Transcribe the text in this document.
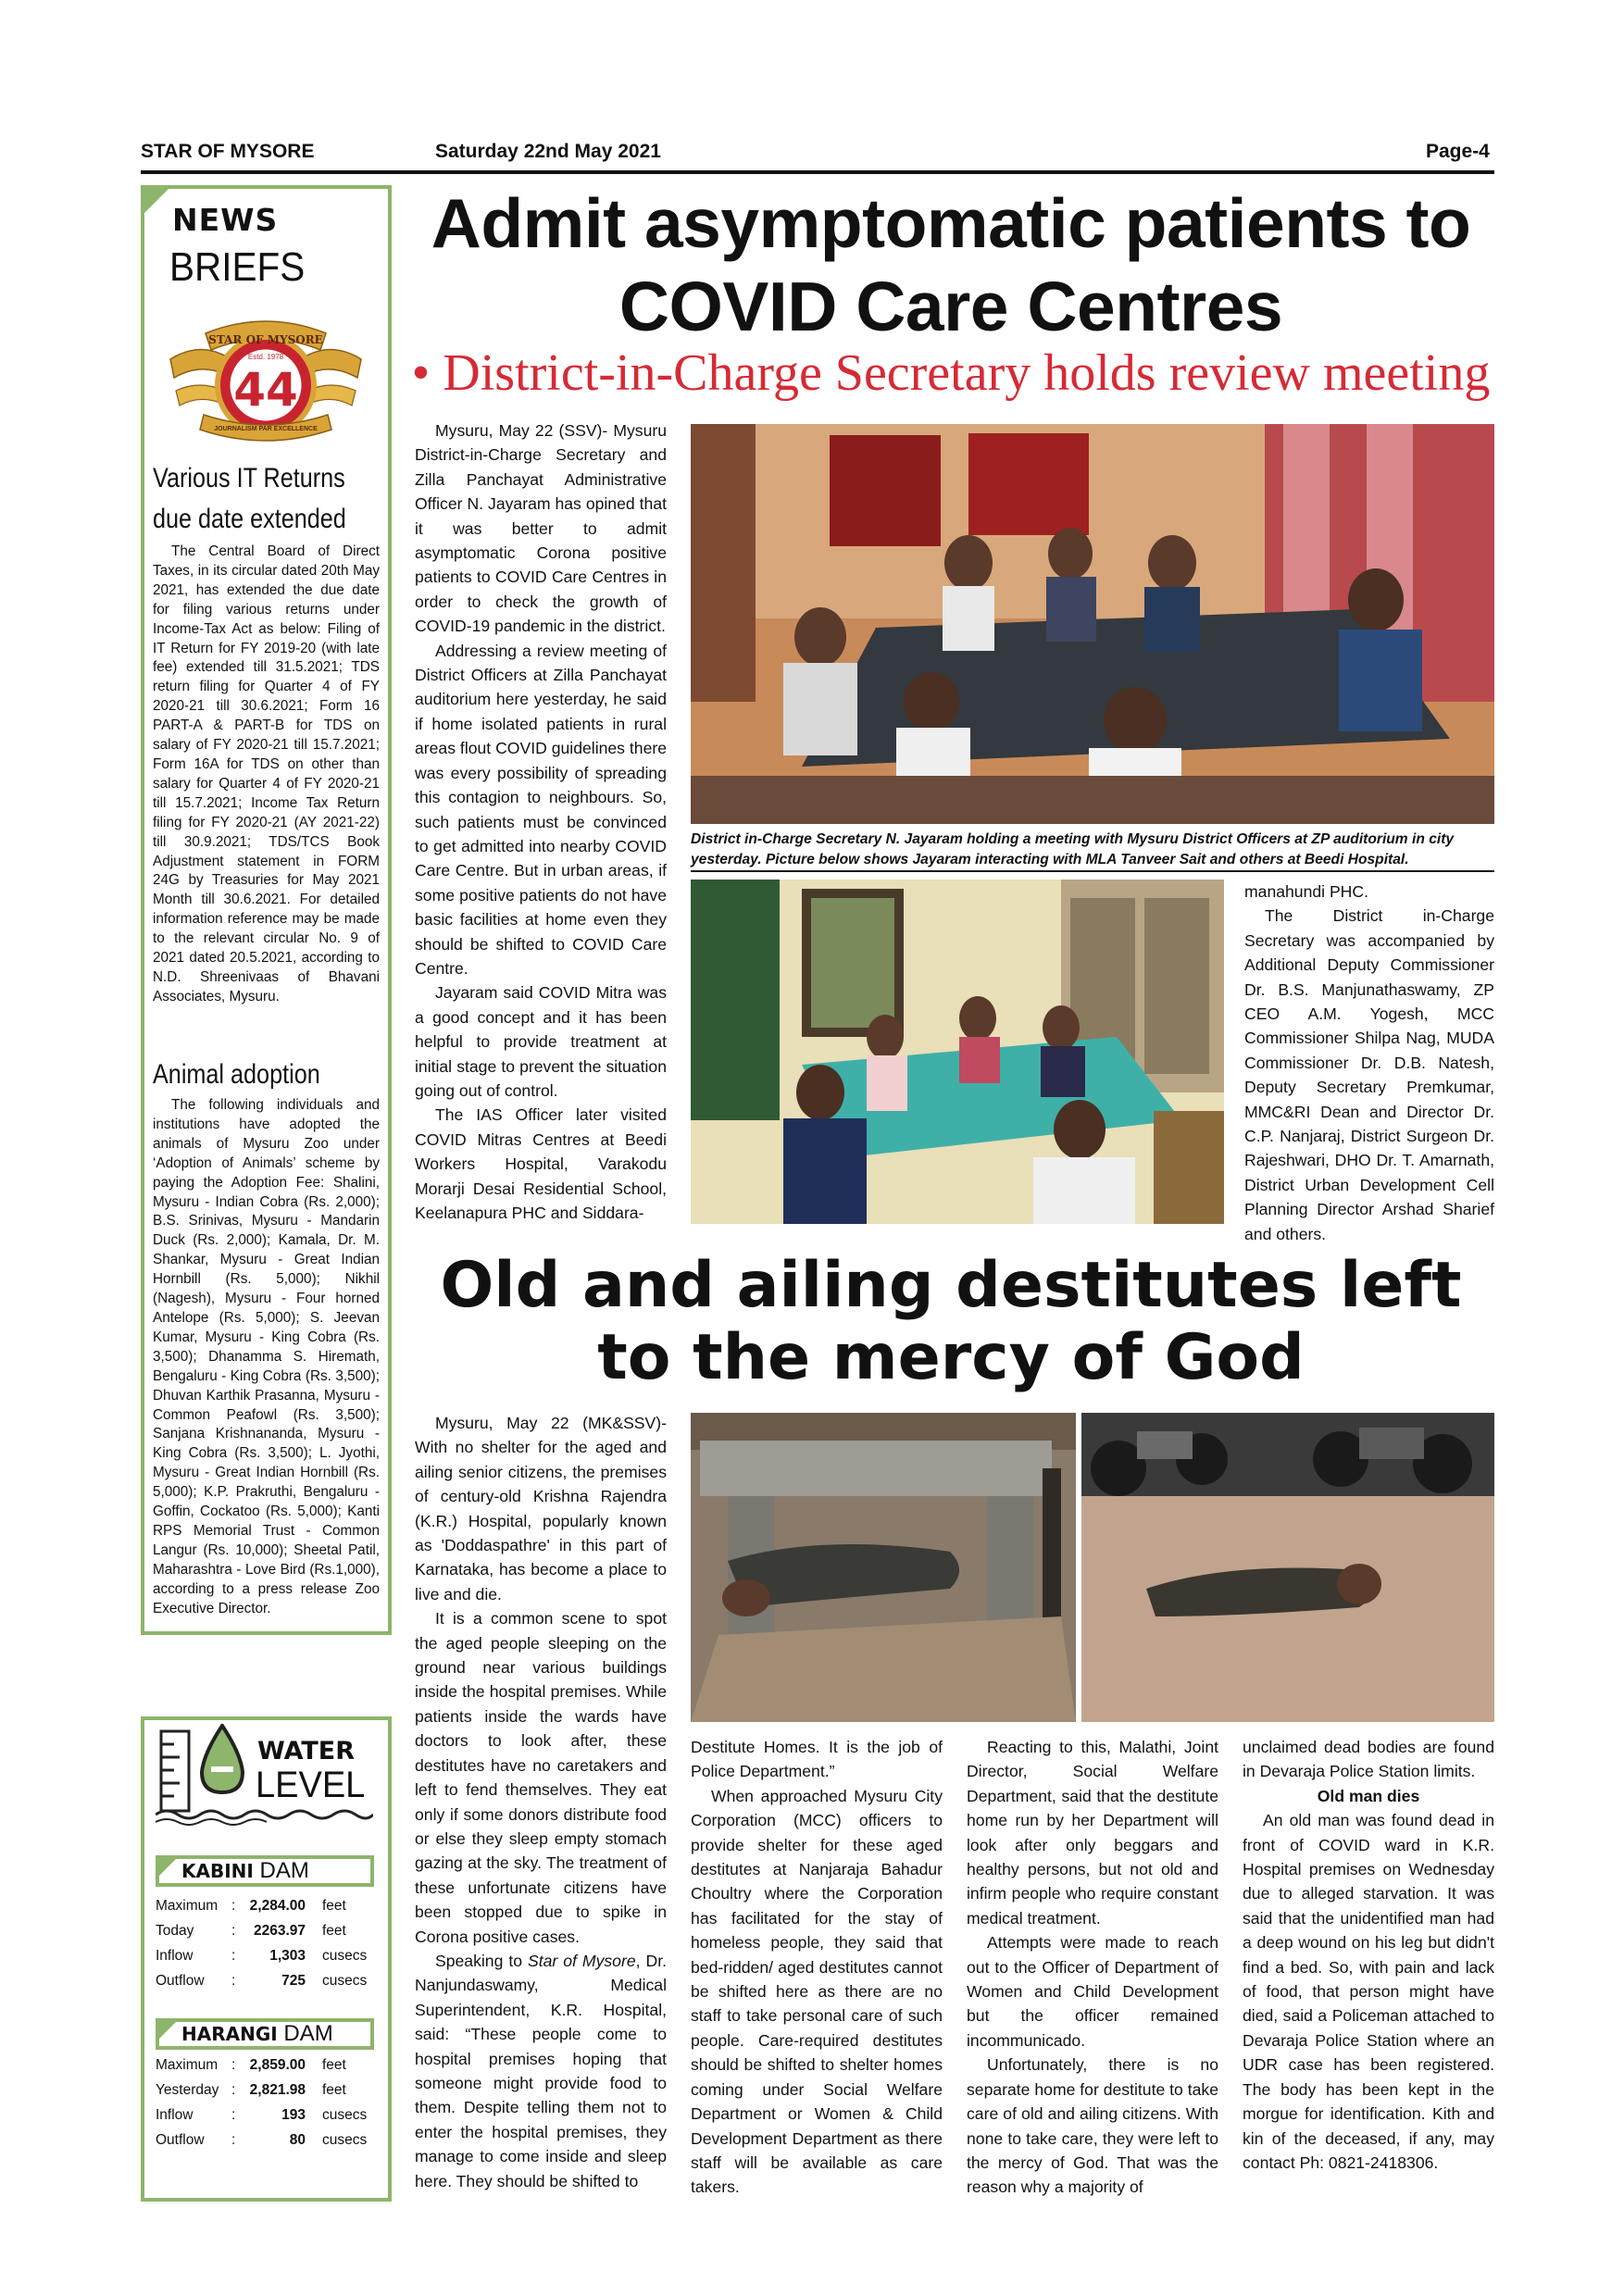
STAR OF MYSORE	Saturday 22nd May 2021	Page-4
NEWS
BRIEFS
STAR OF MYSORE
Estd. 1978
44
JOURNALISM PAR EXCELLENCE
Various IT Returns
due date extended
The Central Board of Direct Taxes, in its circular dated 20th May 2021, has extended the due date for filing various returns under Income-Tax Act as below: Filing of IT Return for FY 2019-20 (with late fee) extended till 31.5.2021; TDS return filing for Quarter 4 of FY 2020-21 till 30.6.2021; Form 16 PART-A & PART-B for TDS on salary of FY 2020-21 till 15.7.2021; Form 16A for TDS on other than salary for Quarter 4 of FY 2020-21 till 15.7.2021; Income Tax Return filing for FY 2020-21 (AY 2021-22) till 30.9.2021; TDS/TCS Book Adjustment statement in FORM 24G by Treasuries for May 2021 Month till 30.6.2021. For detailed information reference may be made to the relevant circular No. 9 of 2021 dated 20.5.2021, according to N.D. Shreenivaas of Bhavani Associates, Mysuru.
Animal adoption
The following individuals and institutions have adopted the animals of Mysuru Zoo under ‘Adoption of Animals’ scheme by paying the Adoption Fee: Shalini, Mysuru - Indian Cobra (Rs. 2,000); B.S. Srinivas, Mysuru - Mandarin Duck (Rs. 2,000); Kamala, Dr. M. Shankar, Mysuru - Great Indian Hornbill (Rs. 5,000); Nikhil (Nagesh), Mysuru - Four horned Antelope (Rs. 5,000); S. Jeevan Kumar, Mysuru - King Cobra (Rs. 3,500); Dhanamma S. Hiremath, Bengaluru - King Cobra (Rs. 3,500); Dhuvan Karthik Prasanna, Mysuru - Common Peafowl (Rs. 3,500); Sanjana Krishnananda, Mysuru - King Cobra (Rs. 3,500); L. Jyothi, Mysuru - Great Indian Hornbill (Rs. 5,000); K.P. Prakruthi, Bengaluru - Goffin, Cockatoo (Rs. 5,000); Kanti RPS Memorial Trust - Common Langur (Rs. 10,000); Sheetal Patil, Maharashtra - Love Bird (Rs.1,000), according to a press release Zoo Executive Director.
WATER
LEVEL
KABINI DAM
Maximum : 2,284.00 feet
Today	: 2263.97 feet
Inflow	: 1,303 cusecs
Outflow :	725 cusecs
HARANGI DAM
Maximum : 2,859.00 feet
Yesterday : 2,821.98 feet
Inflow	:	193 cusecs
Outflow :	80 cusecs
Admit asymptomatic patients to
COVID Care Centres
• District-in-Charge Secretary holds review meeting

Mysuru, May 22 (SSV)- Mysuru District-in-Charge Secretary and Zilla Panchayat Administrative Officer N. Jayaram has opined that it was better to admit asymptomatic Corona positive patients to COVID Care Centres in order to check the growth of COVID-19 pandemic in the district.

Addressing a review meeting of District Officers at Zilla Panchayat auditorium here yesterday, he said if home isolated patients in rural areas flout COVID guidelines there was every possibility of spreading this contagion to neighbours. So, such patients must be convinced to get admitted into nearby COVID Care Centre. But in urban areas, if some positive patients do not have basic facilities at home even they should be shifted to COVID Care Centre.

Jayaram said COVID Mitra was a good concept and it has been helpful to provide treatment at initial stage to prevent the situation going out of control.

The IAS Officer later visited COVID Mitras Centres at Beedi Workers Hospital, Varakodu Morarji Desai Residential School, Keelanapura PHC and Siddara-

District in-Charge Secretary N. Jayaram holding a meeting with Mysuru District Officers at ZP auditorium in city yesterday. Picture below shows Jayaram interacting with MLA Tanveer Sait and others at Beedi Hospital.

manahundi PHC.

The District in-Charge Secretary was accompanied by Additional Deputy Commissioner Dr. B.S. Manjunathaswamy, ZP CEO A.M. Yogesh, MCC Commissioner Shilpa Nag, MUDA Commissioner Dr. D.B. Natesh, Deputy Secretary Premkumar, MMC&RI Dean and Director Dr. C.P. Nanjaraj, District Surgeon Dr. Rajeshwari, DHO Dr. T. Amarnath, District Urban Development Cell Planning Director Arshad Sharief and others.

Old and ailing destitutes left
to the mercy of God

Mysuru, May 22 (MK&SSV)- With no shelter for the aged and ailing senior citizens, the premises of century-old Krishna Rajendra (K.R.) Hospital, popularly known as 'Doddaspathre' in this part of Karnataka, has become a place to live and die.

It is a common scene to spot the aged people sleeping on the ground near various buildings inside the hospital premises. While patients inside the wards have doctors to look after, these destitutes have no caretakers and left to fend themselves. They eat only if some donors distribute food or else they sleep empty stomach gazing at the sky. The treatment of these unfortunate citizens have been stopped due to spike in Corona positive cases.

Speaking to Star of Mysore, Dr. Nanjundaswamy, Medical Superintendent, K.R. Hospital, said: “These people come to hospital premises hoping that someone might provide food to them. Despite telling them not to enter the hospital premises, they manage to come inside and sleep here. They should be shifted to

Destitute Homes. It is the job of Police Department.”

When approached Mysuru City Corporation (MCC) officers to provide shelter for these aged destitutes at Nanjaraja Bahadur Choultry where the Corporation has facilitated for the stay of homeless people, they said that bed-ridden/ aged destitutes cannot be shifted here as there are no staff to take personal care of such people. Care-required destitutes should be shifted to shelter homes coming under Social Welfare Department or Women & Child Development Department as there staff will be available as care takers.

Reacting to this, Malathi, Joint Director, Social Welfare Department, said that the destitute home run by her Department will look after only beggars and healthy persons, but not old and infirm people who require constant medical treatment.

Attempts were made to reach out to the Officer of Department of Women and Child Development but the officer remained incommunicado.

Unfortunately, there is no separate home for destitute to take care of old and ailing citizens. With none to take care, they were left to the mercy of God. That was the reason why a majority of

unclaimed dead bodies are found in Devaraja Police Station limits.

Old man dies

An old man was found dead in front of COVID ward in K.R. Hospital premises on Wednesday due to alleged starvation. It was said that the unidentified man had a deep wound on his leg but didn't find a bed. So, with pain and lack of food, that person might have died, said a Policeman attached to Devaraja Police Station where an UDR case has been registered. The body has been kept in the morgue for identification. Kith and kin of the deceased, if any, may contact Ph: 0821-2418306.
